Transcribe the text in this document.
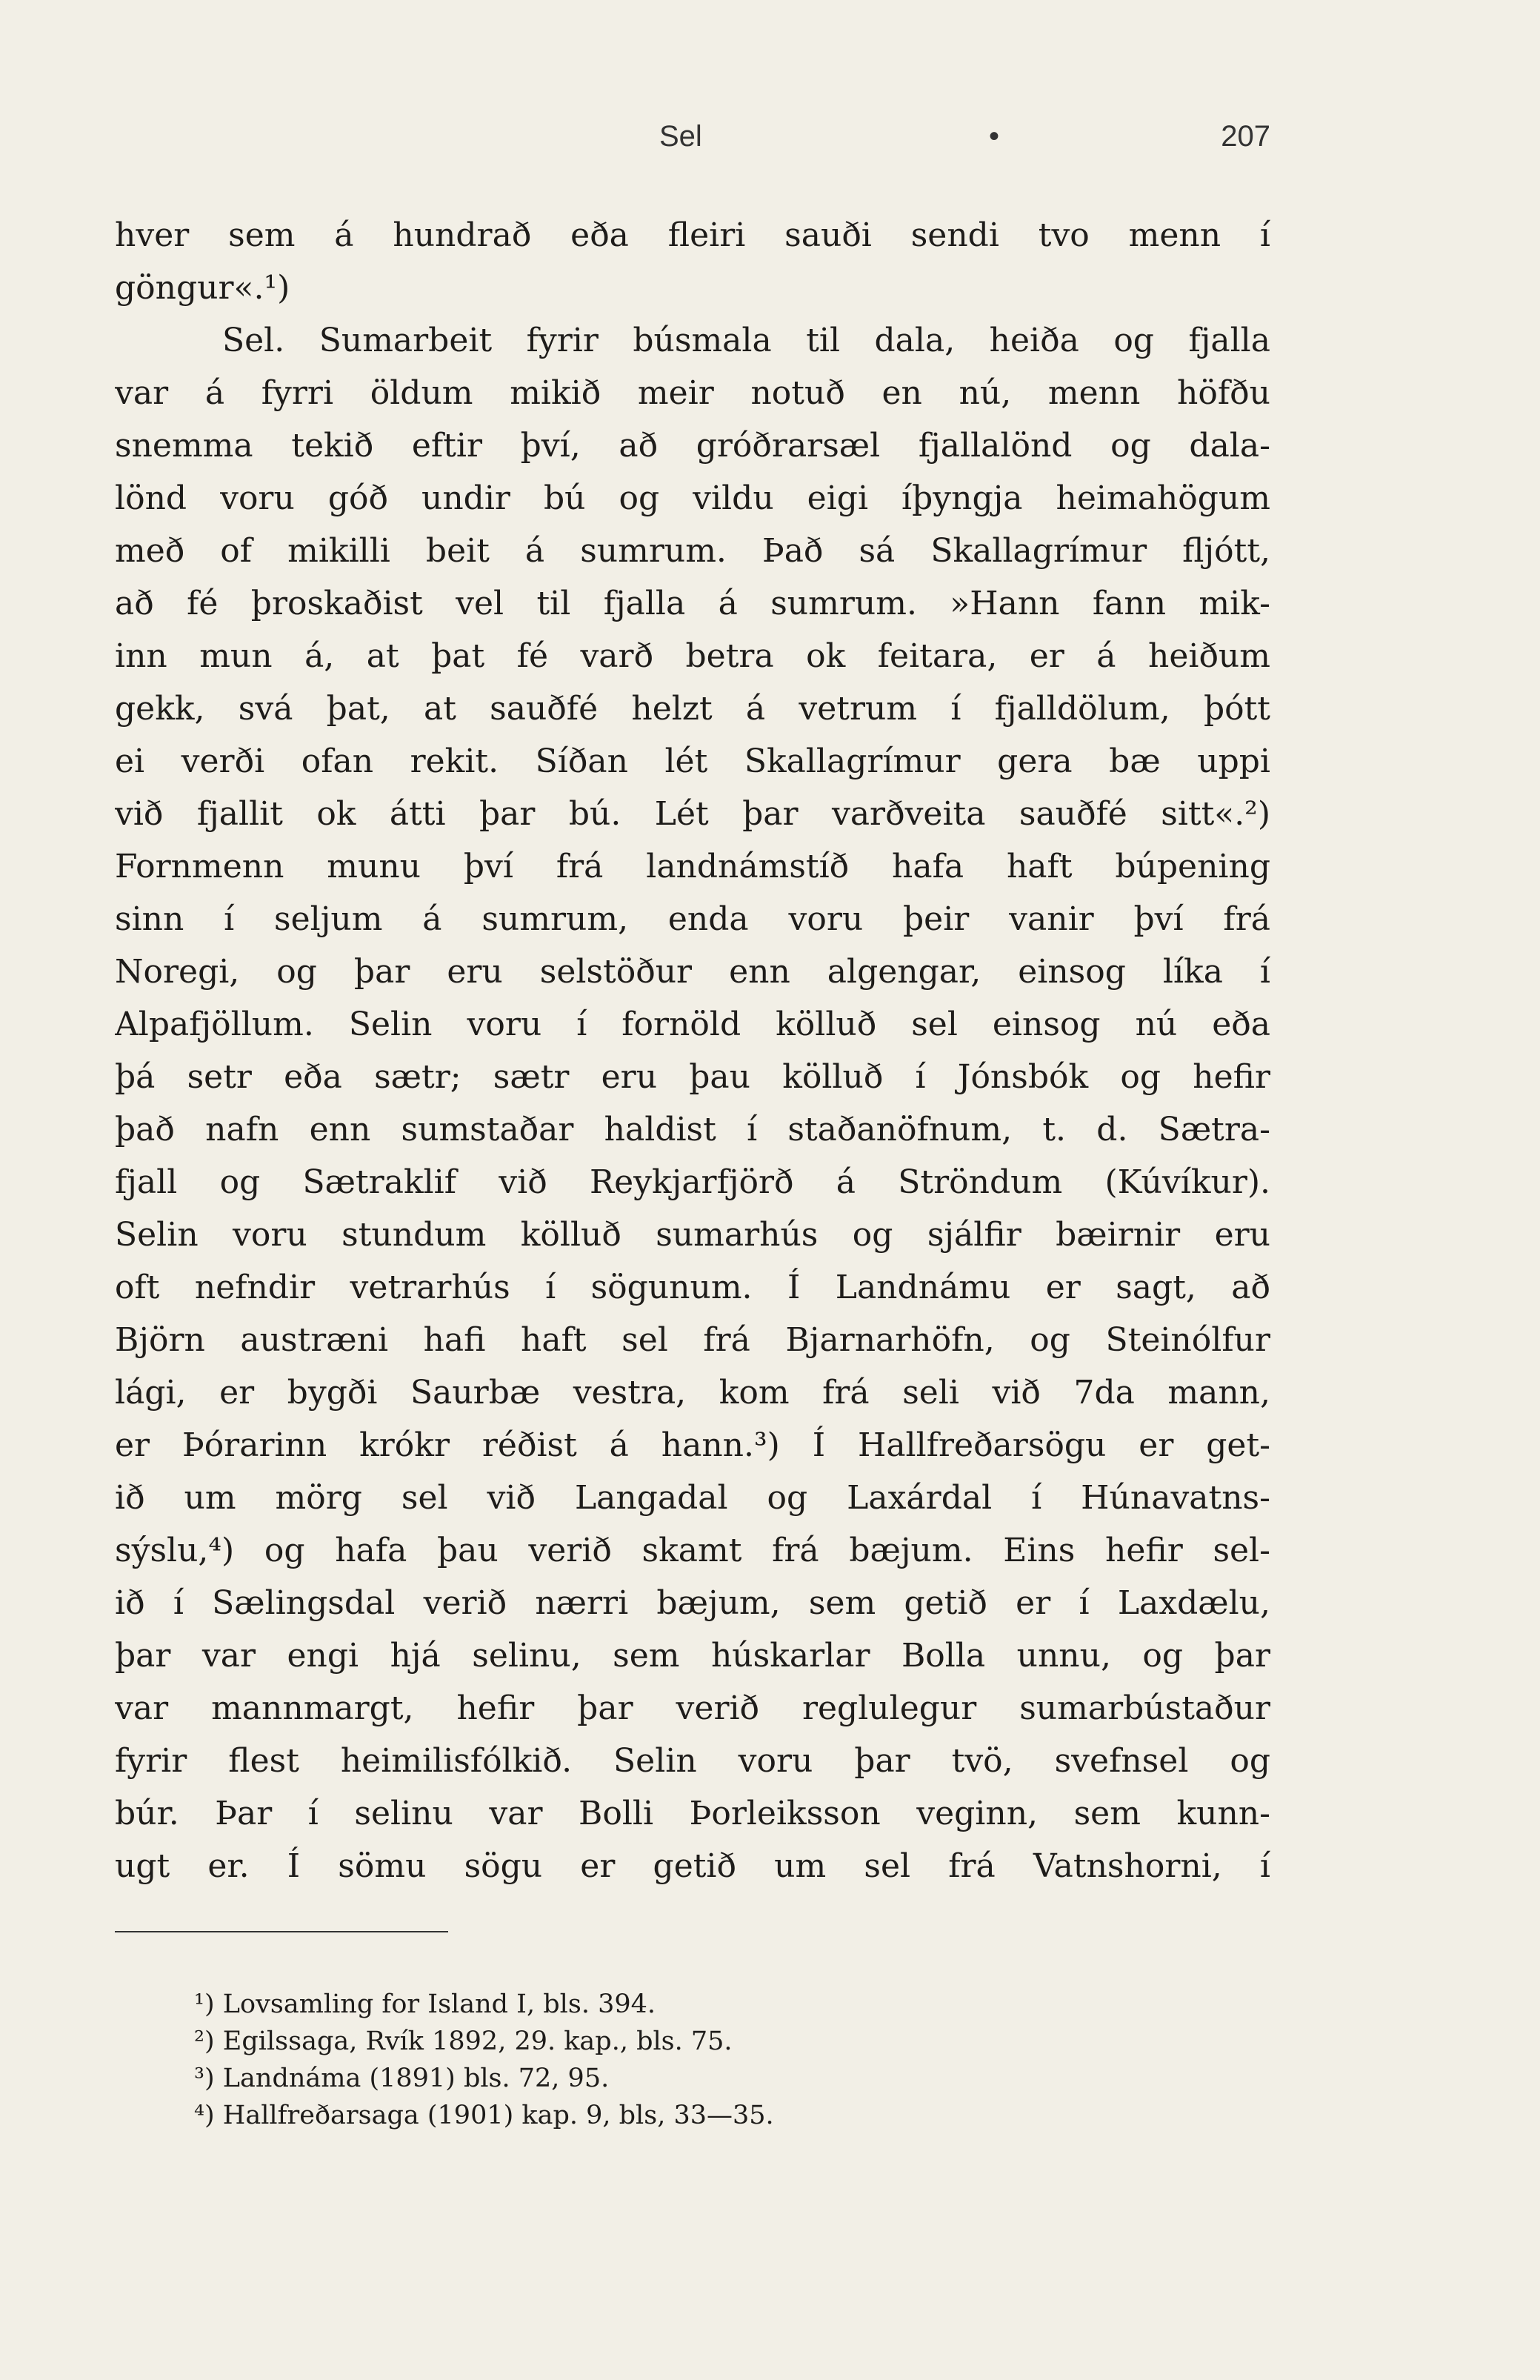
Sel	•	207
hver sem á hundrað eða fleiri sauði sendi tvo menn í
göngur«.¹)
Sel. Sumarbeit fyrir búsmala til dala, heiða og fjalla
var á fyrri öldum mikið meir notuð en nú, menn höfðu
snemma tekið eftir því, að gróðrarsæl fjallalönd og dala-
lönd voru góð undir bú og vildu eigi íþyngja heimahögum
með of mikilli beit á sumrum. Það sá Skallagrímur fljótt,
að fé þroskaðist vel til fjalla á sumrum. »Hann fann mik-
inn mun á, at þat fé varð betra ok feitara, er á heiðum
gekk, svá þat, at sauðfé helzt á vetrum í fjalldölum, þótt
ei verði ofan rekit. Síðan lét Skallagrímur gera bæ uppi
við fjallit ok átti þar bú. Lét þar varðveita sauðfé sitt«.²)
Fornmenn munu því frá landnámstíð hafa haft búpening
sinn í seljum á sumrum, enda voru þeir vanir því frá
Noregi, og þar eru selstöður enn algengar, einsog líka í
Alpafjöllum. Selin voru í fornöld kölluð sel einsog nú eða
þá setr eða sætr; sætr eru þau kölluð í Jónsbók og hefir
það nafn enn sumstaðar haldist í staðanöfnum, t. d. Sætra-
fjall og Sætraklif við Reykjarfjörð á Ströndum (Kúvíkur).
Selin voru stundum kölluð sumarhús og sjálfir bæirnir eru
oft nefndir vetrarhús í sögunum. Í Landnámu er sagt, að
Björn austræni hafi haft sel frá Bjarnarhöfn, og Steinólfur
lági, er bygði Saurbæ vestra, kom frá seli við 7da mann,
er Þórarinn krókr réðist á hann.³) Í Hallfreðarsögu er get-
ið um mörg sel við Langadal og Laxárdal í Húnavatns-
sýslu,⁴) og hafa þau verið skamt frá bæjum. Eins hefir sel-
ið í Sælingsdal verið nærri bæjum, sem getið er í Laxdælu,
þar var engi hjá selinu, sem húskarlar Bolla unnu, og þar
var mannmargt, hefir þar verið reglulegur sumarbústaður
fyrir flest heimilisfólkið. Selin voru þar tvö, svefnsel og
búr. Þar í selinu var Bolli Þorleiksson veginn, sem kunn-
ugt er. Í sömu sögu er getið um sel frá Vatnshorni, í
¹) Lovsamling for Island I, bls. 394.
²) Egilssaga, Rvík 1892, 29. kap., bls. 75.
³) Landnáma (1891) bls. 72, 95.
⁴) Hallfreðarsaga (1901) kap. 9, bls, 33—35.
